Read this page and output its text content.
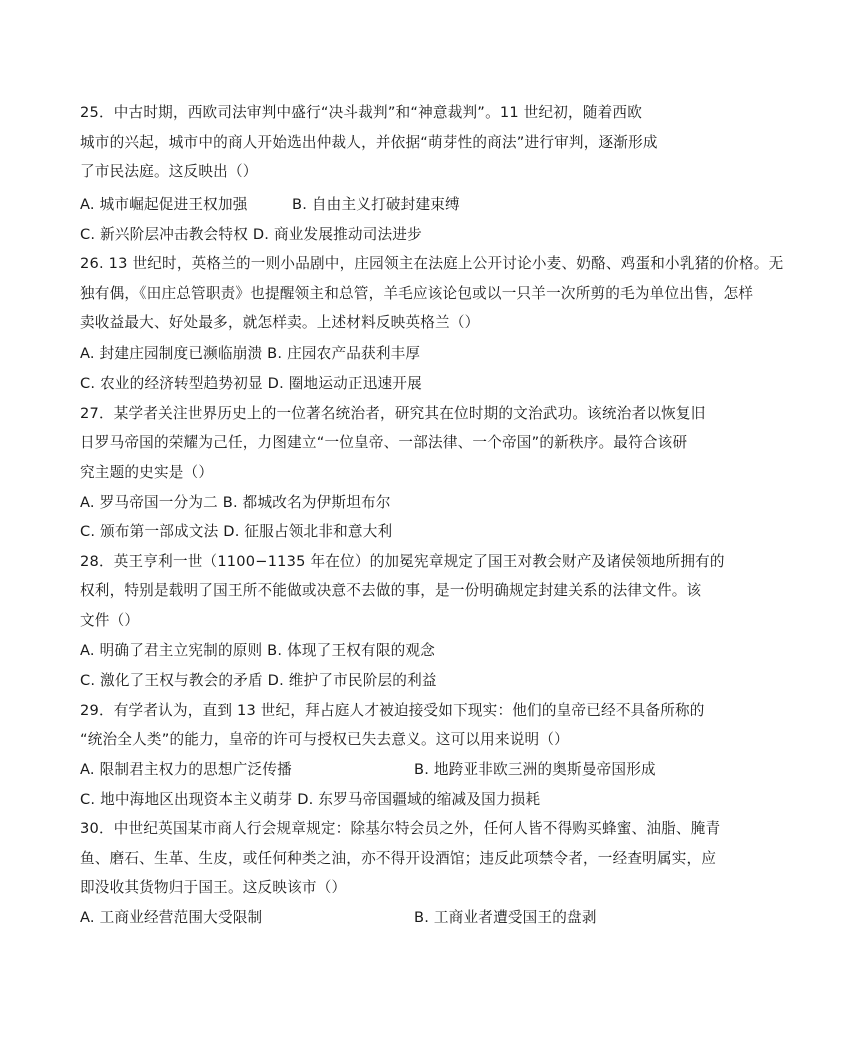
25．中古时期，西欧司法审判中盛行“决斗裁判”和“神意裁判”。11 世纪初，随着西欧
城市的兴起，城市中的商人开始选出仲裁人，并依据“萌芽性的商法”进行审判，逐渐形成
了市民法庭。这反映出（）
A. 城市崛起促进王权加强	B. 自由主义打破封建束缚
C. 新兴阶层冲击教会特权 D. 商业发展推动司法进步
26. 13 世纪时，英格兰的一则小品剧中，庄园领主在法庭上公开讨论小麦、奶酪、鸡蛋和小乳猪的价格。无
独有偶，《田庄总管职责》也提醒领主和总管，羊毛应该论包或以一只羊一次所剪的毛为单位出售，怎样
卖收益最大、好处最多，就怎样卖。上述材料反映英格兰（）
A. 封建庄园制度已濒临崩溃 B. 庄园农产品获利丰厚
C. 农业的经济转型趋势初显 D. 圈地运动正迅速开展
27．某学者关注世界历史上的一位著名统治者，研究其在位时期的文治武功。该统治者以恢复旧
日罗马帝国的荣耀为己任，力图建立“一位皇帝、一部法律、一个帝国”的新秩序。最符合该研
究主题的史实是（）
A. 罗马帝国一分为二 B. 都城改名为伊斯坦布尔
C. 颁布第一部成文法 D. 征服占领北非和意大利
28．英王亨利一世（1100−1135 年在位）的加冕宪章规定了国王对教会财产及诸侯领地所拥有的
权利，特别是载明了国王所不能做或决意不去做的事，是一份明确规定封建关系的法律文件。该
文件（）
A. 明确了君主立宪制的原则 B. 体现了王权有限的观念
C. 激化了王权与教会的矛盾 D. 维护了市民阶层的利益
29．有学者认为，直到 13 世纪，拜占庭人才被迫接受如下现实：他们的皇帝已经不具备所称的
“统治全人类”的能力，皇帝的许可与授权已失去意义。这可以用来说明（）
A. 限制君主权力的思想广泛传播	B. 地跨亚非欧三洲的奥斯曼帝国形成
C. 地中海地区出现资本主义萌芽 D. 东罗马帝国疆域的缩减及国力损耗
30．中世纪英国某市商人行会规章规定：除基尔特会员之外，任何人皆不得购买蜂蜜、油脂、腌青
鱼、磨石、生革、生皮，或任何种类之油，亦不得开设酒馆；违反此项禁令者，一经查明属实，应
即没收其货物归于国王。这反映该市（）
A. 工商业经营范围大受限制	B. 工商业者遭受国王的盘剥
